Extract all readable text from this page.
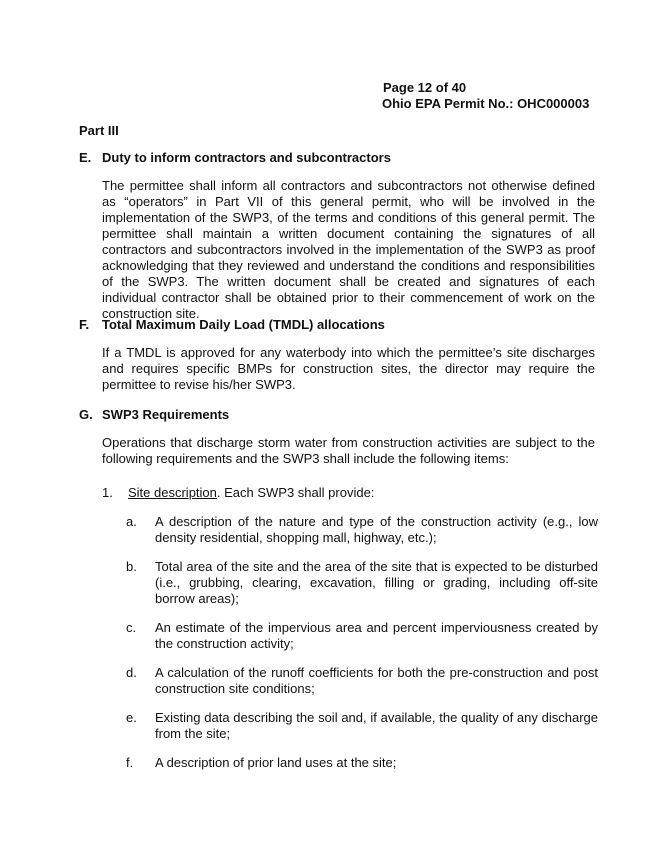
Page 12 of 40
Ohio EPA Permit No.: OHC000003
Part III
E. Duty to inform contractors and subcontractors
The permittee shall inform all contractors and subcontractors not otherwise defined as “operators” in Part VII of this general permit, who will be involved in the implementation of the SWP3, of the terms and conditions of this general permit. The permittee shall maintain a written document containing the signatures of all contractors and subcontractors involved in the implementation of the SWP3 as proof acknowledging that they reviewed and understand the conditions and responsibilities of the SWP3. The written document shall be created and signatures of each individual contractor shall be obtained prior to their commencement of work on the construction site.
F. Total Maximum Daily Load (TMDL) allocations
If a TMDL is approved for any waterbody into which the permittee’s site discharges and requires specific BMPs for construction sites, the director may require the permittee to revise his/her SWP3.
G. SWP3 Requirements
Operations that discharge storm water from construction activities are subject to the following requirements and the SWP3 shall include the following items:
1.	Site description. Each SWP3 shall provide:
a. A description of the nature and type of the construction activity (e.g., low density residential, shopping mall, highway, etc.);
b. Total area of the site and the area of the site that is expected to be disturbed (i.e., grubbing, clearing, excavation, filling or grading, including off-site borrow areas);
c. An estimate of the impervious area and percent imperviousness created by the construction activity;
d. A calculation of the runoff coefficients for both the pre-construction and post construction site conditions;
e. Existing data describing the soil and, if available, the quality of any discharge from the site;
f. A description of prior land uses at the site;
